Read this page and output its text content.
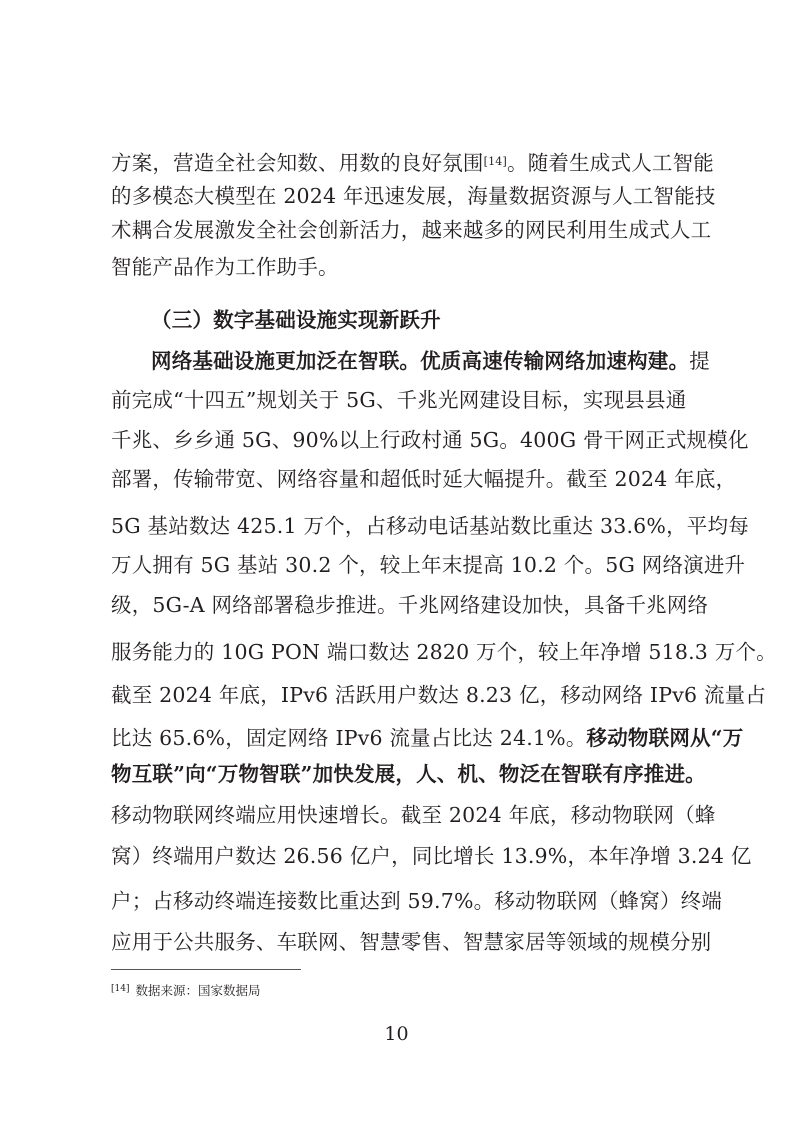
方案，营造全社会知数、用数的良好氛围[14]。随着生成式人工智能
的多模态大模型在 2024 年迅速发展，海量数据资源与人工智能技
术耦合发展激发全社会创新活力，越来越多的网民利用生成式人工
智能产品作为工作助手。
（三）数字基础设施实现新跃升
网络基础设施更加泛在智联。优质高速传输网络加速构建。提
前完成“十四五”规划关于 5G、千兆光网建设目标，实现县县通
千兆、乡乡通 5G、90%以上行政村通 5G。400G 骨干网正式规模化
部署，传输带宽、网络容量和超低时延大幅提升。截至 2024 年底，
5G 基站数达 425.1 万个，占移动电话基站数比重达 33.6%，平均每
万人拥有 5G 基站 30.2 个，较上年末提高 10.2 个。5G 网络演进升
级，5G-A 网络部署稳步推进。千兆网络建设加快，具备千兆网络
服务能力的 10G PON 端口数达 2820 万个，较上年净增 518.3 万个。
截至 2024 年底，IPv6 活跃用户数达 8.23 亿，移动网络 IPv6 流量占
比达 65.6%，固定网络 IPv6 流量占比达 24.1%。移动物联网从“万
物互联”向“万物智联”加快发展，人、机、物泛在智联有序推进。
移动物联网终端应用快速增长。截至 2024 年底，移动物联网（蜂
窝）终端用户数达 26.56 亿户，同比增长 13.9%，本年净增 3.24 亿
户；占移动终端连接数比重达到 59.7%。移动物联网（蜂窝）终端
应用于公共服务、车联网、智慧零售、智慧家居等领域的规模分别
[14] 数据来源：国家数据局
10
